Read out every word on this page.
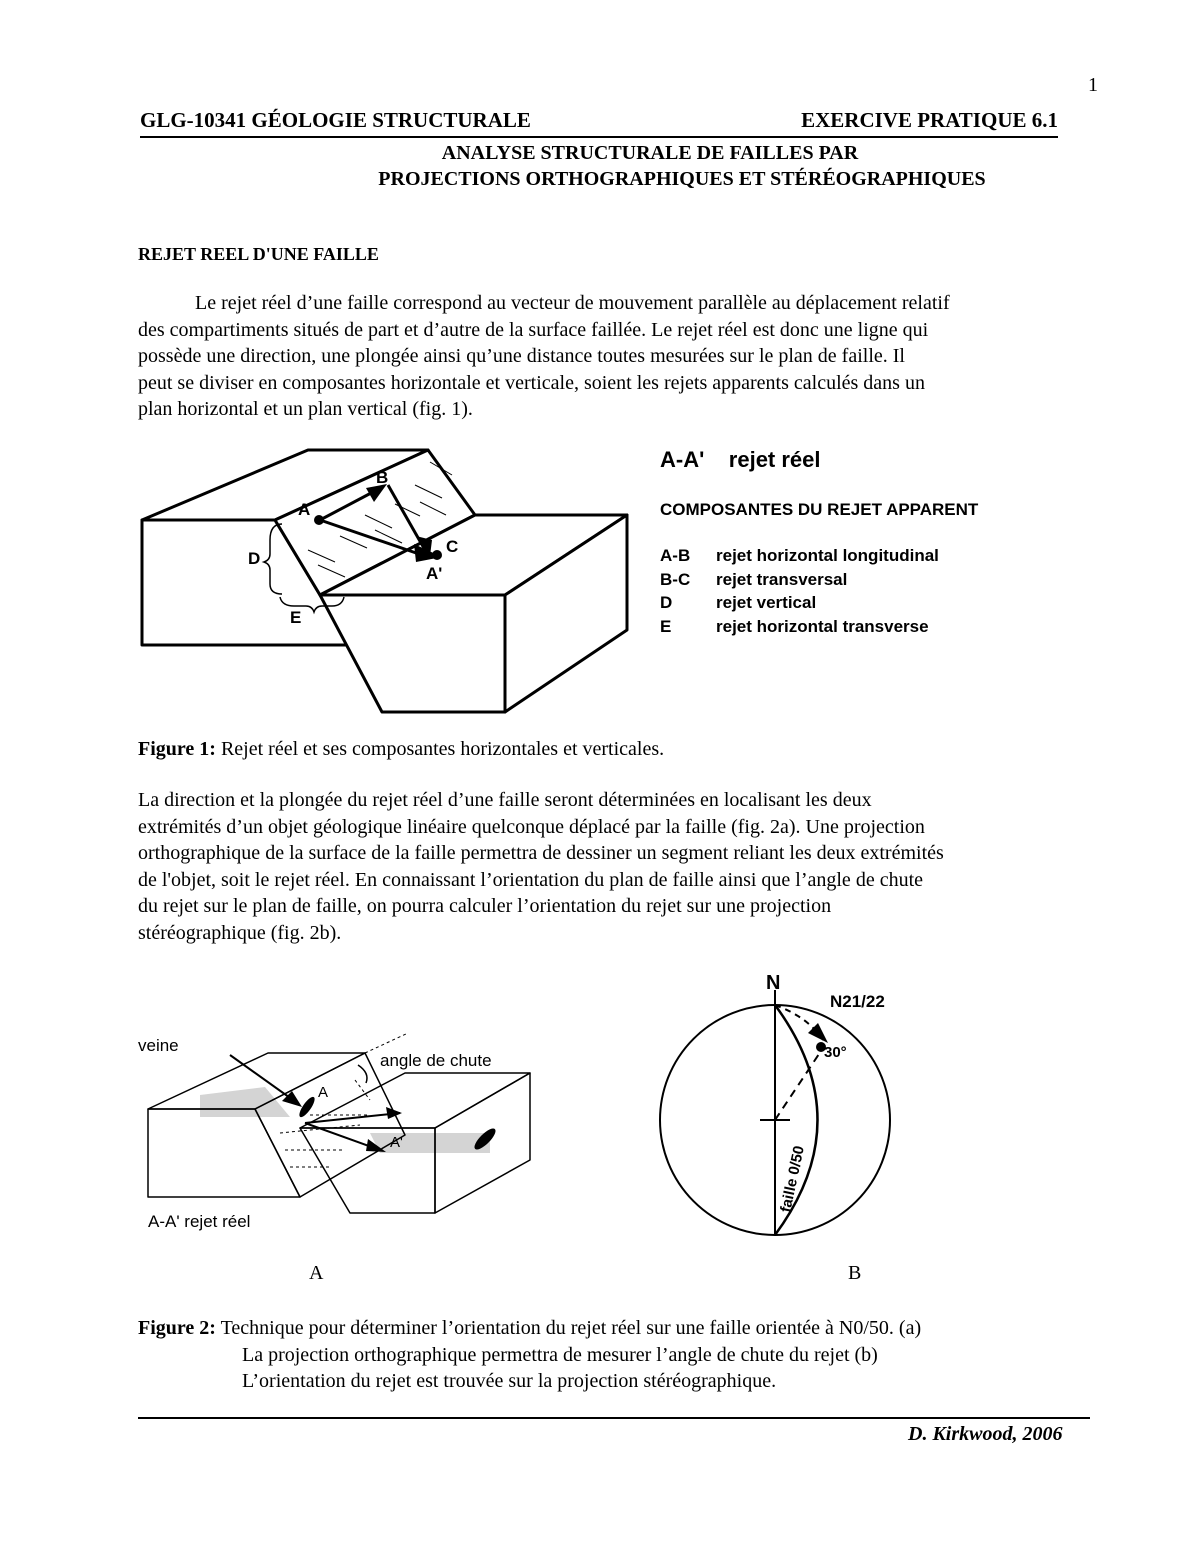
1
GLG-10341 GÉOLOGIE STRUCTURALE	EXERCIVE PRATIQUE 6.1
ANALYSE STRUCTURALE DE FAILLES PAR
PROJECTIONS ORTHOGRAPHIQUES ET STÉRÉOGRAPHIQUES
REJET REEL D'UNE FAILLE

Le rejet réel d’une faille correspond au vecteur de mouvement parallèle au déplacement relatif

des compartiments situés de part et d’autre de la surface faillée. Le rejet réel est donc une ligne qui

possède une direction, une plongée ainsi qu’une distance toutes mesurées sur le plan de faille. Il

peut se diviser en composantes horizontale et verticale, soient les rejets apparents calculés dans un

plan horizontal et un plan vertical (fig. 1).

A
B
C
A'
D
E
A-A'    rejet réel
COMPOSANTES DU REJET APPARENT
A-B	rejet horizontal longitudinal
B-C	rejet transversal
D	rejet vertical
E	rejet horizontal transverse
Figure 1: Rejet réel et ses composantes horizontales et verticales.

La direction et la plongée du rejet réel d’une faille seront déterminées en localisant les deux

extrémités d’un objet géologique linéaire quelconque déplacé par la faille (fig. 2a). Une projection

orthographique de la surface de la faille permettra de dessiner un segment reliant les deux extrémités

de l'objet, soit le rejet réel. En connaissant l’orientation du plan de faille ainsi que l’angle de chute

du rejet sur le plan de faille, on pourra calculer l’orientation du rejet sur une projection

stéréographique (fig. 2b).

veine
angle de chute
A
A'
A-A' rejet réel
A
N
N21/22
30°
faille 0/50
B

Figure 2: Technique pour déterminer l’orientation du rejet réel sur une faille orientée à N0/50. (a)

La projection orthographique permettra de mesurer l’angle de chute du rejet (b)

L’orientation du rejet est trouvée sur la projection stéréographique.

D. Kirkwood, 2006
